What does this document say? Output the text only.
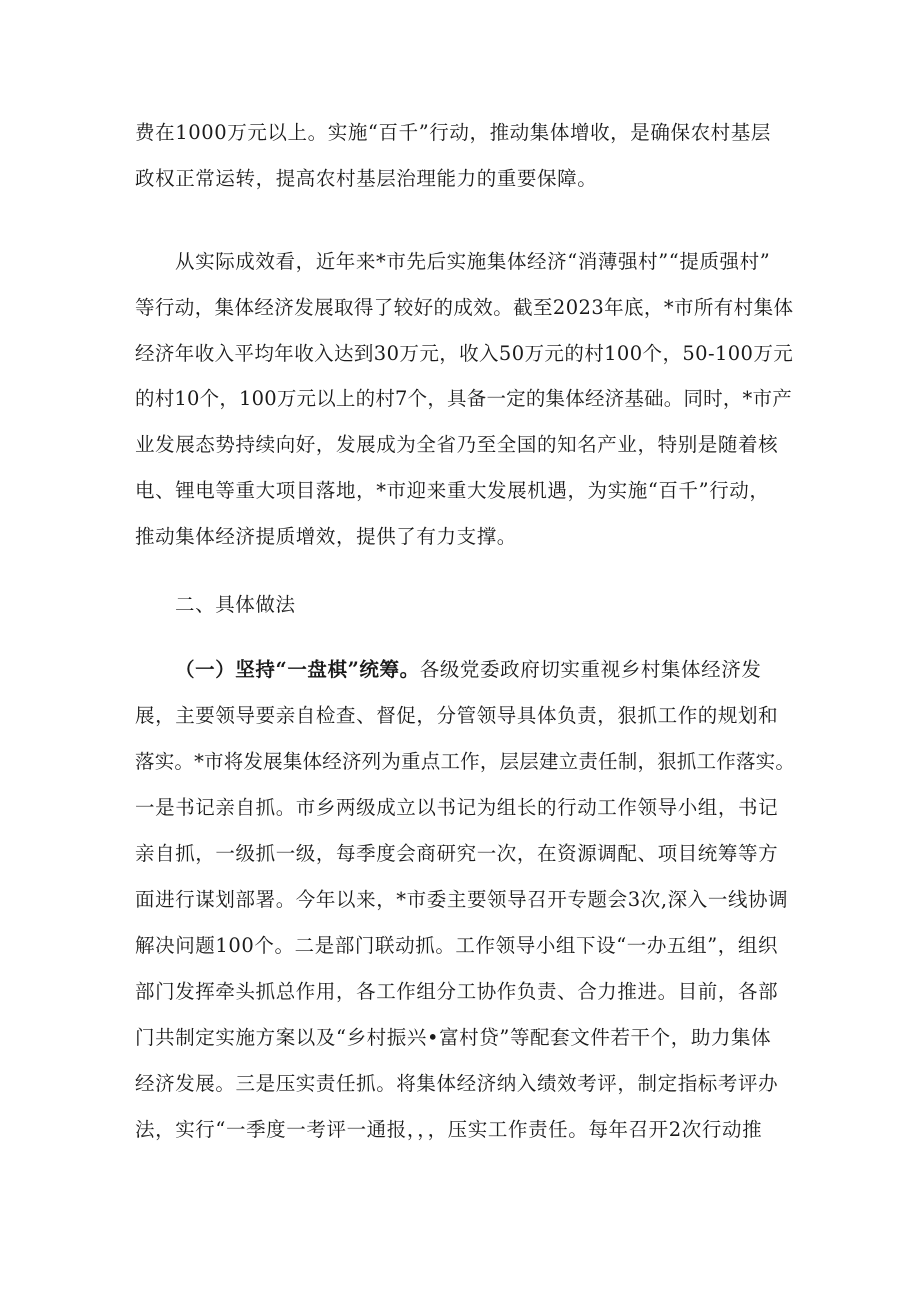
费在1000万元以上。实施“百千”行动，推动集体增收，是确保农村基层
政权正常运转，提高农村基层治理能力的重要保障。
从实际成效看，近年来*市先后实施集体经济“消薄强村”“提质强村”
等行动，集体经济发展取得了较好的成效。截至2023年底，*市所有村集体
经济年收入平均年收入达到30万元，收入50万元的村100个，50-100万元
的村10个，100万元以上的村7个，具备一定的集体经济基础。同时，*市产
业发展态势持续向好，发展成为全省乃至全国的知名产业，特别是随着核
电、锂电等重大项目落地，*市迎来重大发展机遇，为实施“百千”行动，
推动集体经济提质增效，提供了有力支撑。
二、具体做法
（一）坚持“一盘棋”统筹。各级党委政府切实重视乡村集体经济发
展，主要领导要亲自检查、督促，分管领导具体负责，狠抓工作的规划和
落实。*市将发展集体经济列为重点工作，层层建立责任制，狠抓工作落实。
一是书记亲自抓。市乡两级成立以书记为组长的行动工作领导小组，书记
亲自抓，一级抓一级，每季度会商研究一次，在资源调配、项目统筹等方
面进行谋划部署。今年以来，*市委主要领导召开专题会3次,深入一线协调
解决问题100个。二是部门联动抓。工作领导小组下设“一办五组”，组织
部门发挥牵头抓总作用，各工作组分工协作负责、合力推进。目前，各部
门共制定实施方案以及“乡村振兴•富村贷”等配套文件若干个，助力集体
经济发展。三是压实责任抓。将集体经济纳入绩效考评，制定指标考评办
法，实行“一季度一考评一通报，，，压实工作责任。每年召开2次行动推
